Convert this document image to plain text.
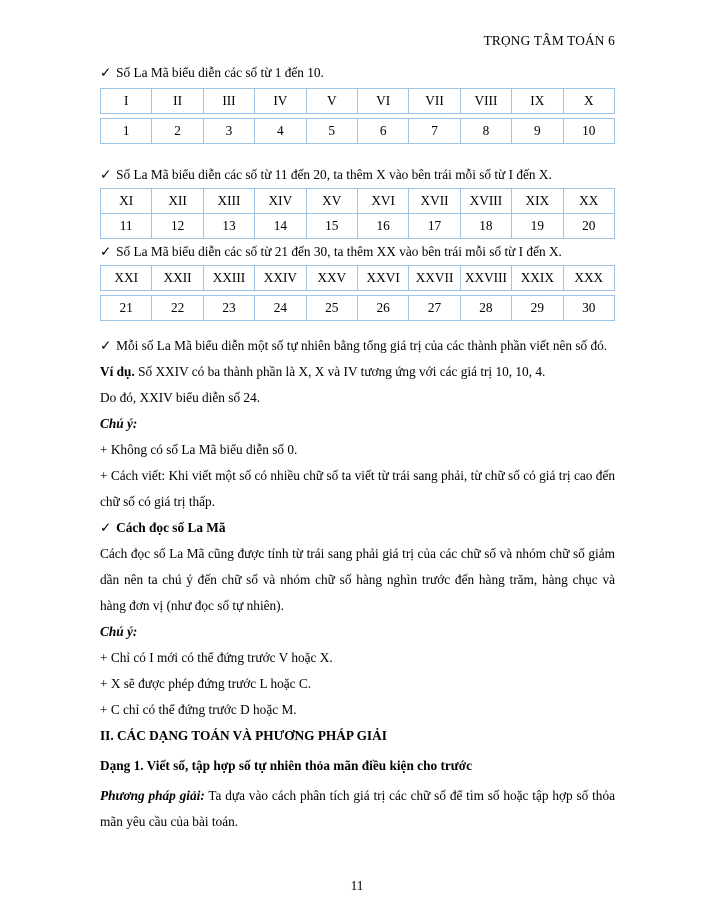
TRỌNG TÂM TOÁN 6
✓ Số La Mã biểu diễn các số từ 1 đến 10.
I	II	III	IV	V	VI	VII	VIII	IX	X
1	2	3	4	5	6	7	8	9	10
✓ Số La Mã biểu diễn các số từ 11 đến 20, ta thêm X vào bên trái mỗi số từ I đến X.
XI	XII	XIII	XIV	XV	XVI	XVII	XVIII	XIX	XX
11	12	13	14	15	16	17	18	19	20
✓ Số La Mã biểu diễn các số từ 21 đến 30, ta thêm XX vào bên trái mỗi số từ I đến X.
XXI	XXII	XXIII	XXIV	XXV	XXVI	XXVII	XXVIII	XXIX	XXX
21	22	23	24	25	26	27	28	29	30
✓ Mỗi số La Mã biểu diễn một số tự nhiên bằng tổng giá trị của các thành phần viết nên số đó.
Ví dụ. Số XXIV có ba thành phần là X, X và IV tương ứng với các giá trị 10, 10, 4.
Do đó, XXIV biểu diễn số 24.
Chú ý:
+ Không có số La Mã biểu diễn số 0.
+ Cách viết: Khi viết một số có nhiều chữ số ta viết từ trái sang phải, từ chữ số có giá trị cao đến chữ số có giá trị thấp.
✓ Cách đọc số La Mã
Cách đọc số La Mã cũng được tính từ trái sang phải giá trị của các chữ số và nhóm chữ số giảm dần nên ta chú ý đến chữ số và nhóm chữ số hàng nghìn trước đến hàng trăm, hàng chục và hàng đơn vị (như đọc số tự nhiên).
Chú ý:
+ Chỉ có I mới có thể đứng trước V hoặc X.
+ X sẽ được phép đứng trước L hoặc C.
+ C chỉ có thể đứng trước D hoặc M.
II. CÁC DẠNG TOÁN VÀ PHƯƠNG PHÁP GIẢI
Dạng 1. Viết số, tập hợp số tự nhiên thỏa mãn điều kiện cho trước
Phương pháp giải: Ta dựa vào cách phân tích giá trị các chữ số để tìm số hoặc tập hợp số thỏa mãn yêu cầu của bài toán.
11
